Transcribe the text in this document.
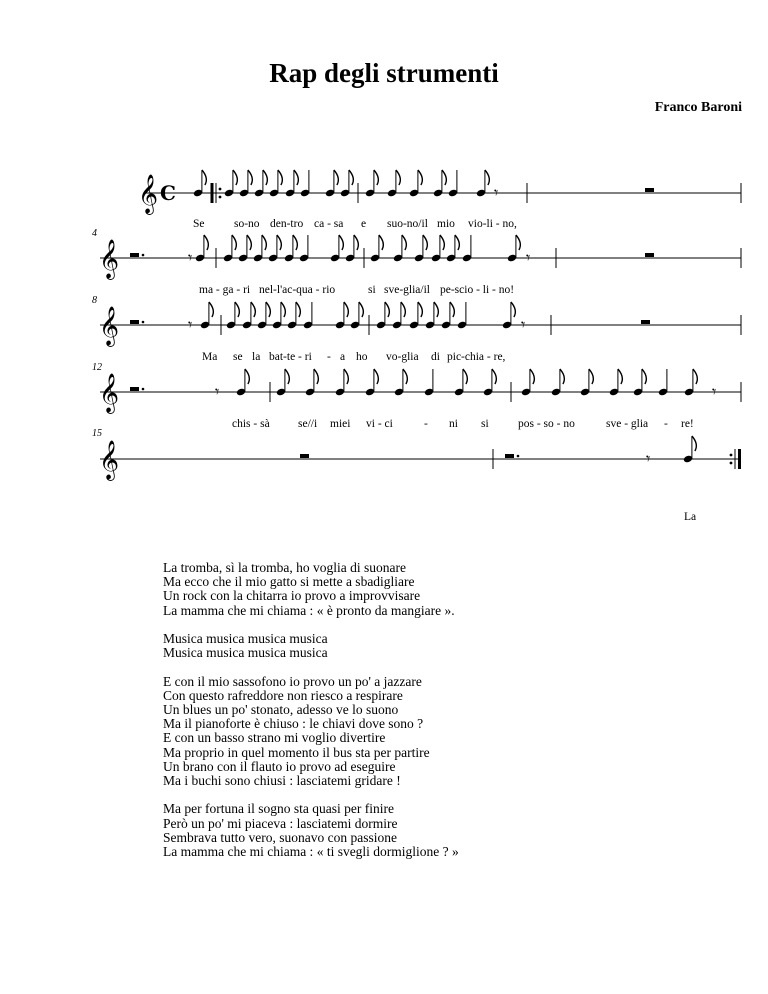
Rap degli strumenti
Franco Baroni
𝄞 C	𝄾
𝄞	𝄾	𝄾
𝄞	𝄾	𝄾
𝄞	𝄾	𝄾
𝄞	𝄾
4
8
12
15
Se	so-no den-tro ca - sa e suo-no/il mio vio-li - no,
ma - ga - ri nel-l'ac-qua - rio	si sve-glia/il pe-scio - li - no!
Ma se la bat-te - ri - a ho vo-glia di pic-chia - re,
chis - sà se//i miei vi - ci	- ni si	pos - so - no	sve - glia - re!
La
La tromba, sì la tromba, ho voglia di suonare
Ma ecco che il mio gatto si mette a sbadigliare
Un rock con la chitarra io provo a improvvisare
La mamma che mi chiama : « è pronto da mangiare ».
Musica musica musica musica
Musica musica musica musica
E con il mio sassofono io provo un po' a jazzare
Con questo rafreddore non riesco a respirare
Un blues un po' stonato, adesso ve lo suono
Ma il pianoforte è chiuso : le chiavi dove sono ?
E con un basso strano mi voglio divertire
Ma proprio in quel momento il bus sta per partire
Un brano con il flauto io provo ad eseguire
Ma i buchi sono chiusi : lasciatemi gridare !
Ma per fortuna il sogno sta quasi per finire
Però un po' mi piaceva : lasciatemi dormire
Sembrava tutto vero, suonavo con passione
La mamma che mi chiama : « ti svegli dormiglione ? »
